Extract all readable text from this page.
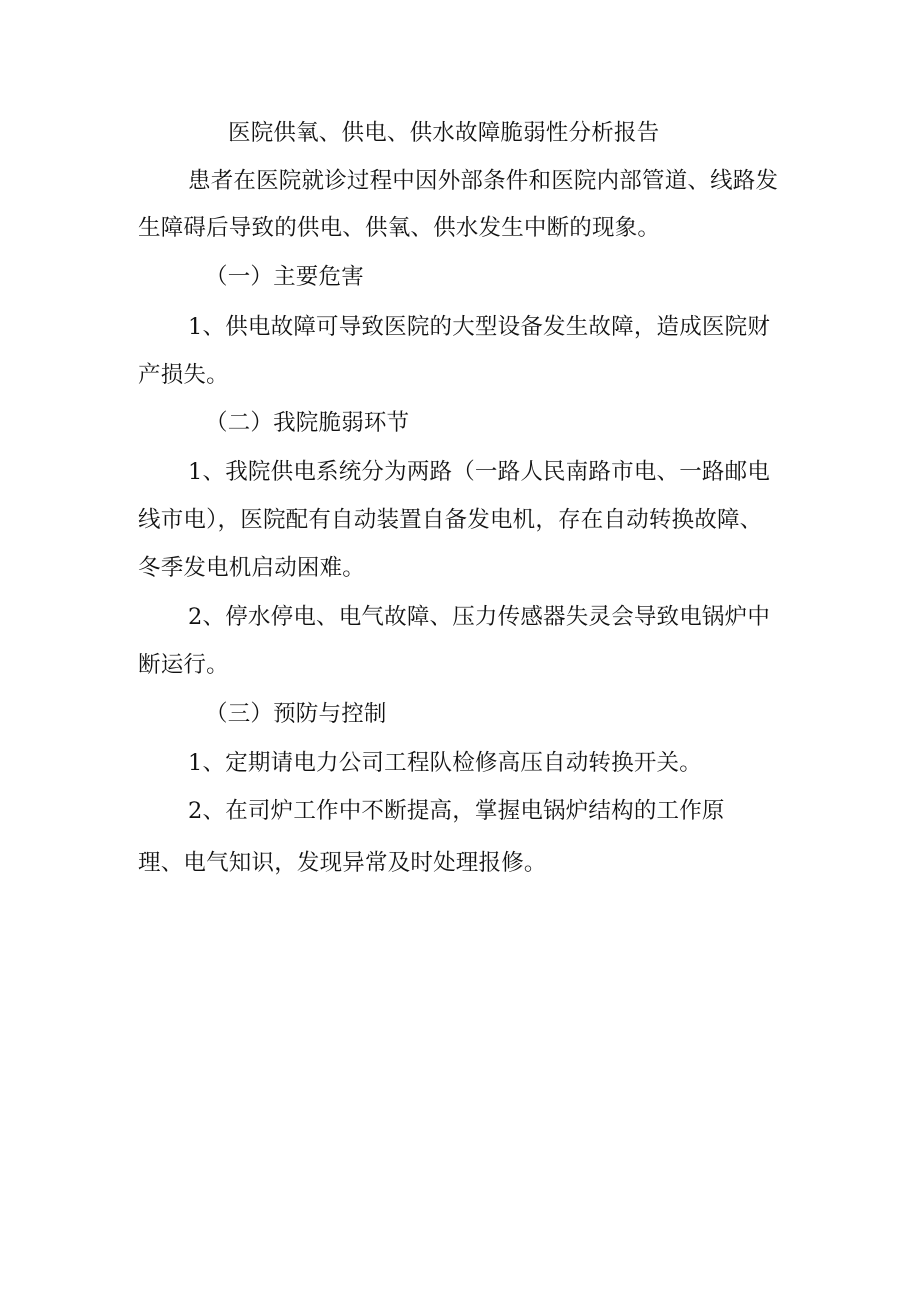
医院供氧、供电、供水故障脆弱性分析报告
患者在医院就诊过程中因外部条件和医院内部管道、线路发
生障碍后导致的供电、供氧、供水发生中断的现象。
（一）主要危害
1、供电故障可导致医院的大型设备发生故障，造成医院财
产损失。
（二）我院脆弱环节
1、我院供电系统分为两路（一路人民南路市电、一路邮电
线市电），医院配有自动装置自备发电机，存在自动转换故障、
冬季发电机启动困难。
2、停水停电、电气故障、压力传感器失灵会导致电锅炉中
断运行。
（三）预防与控制
1、定期请电力公司工程队检修高压自动转换开关。
2、在司炉工作中不断提高，掌握电锅炉结构的工作原
理、电气知识，发现异常及时处理报修。
